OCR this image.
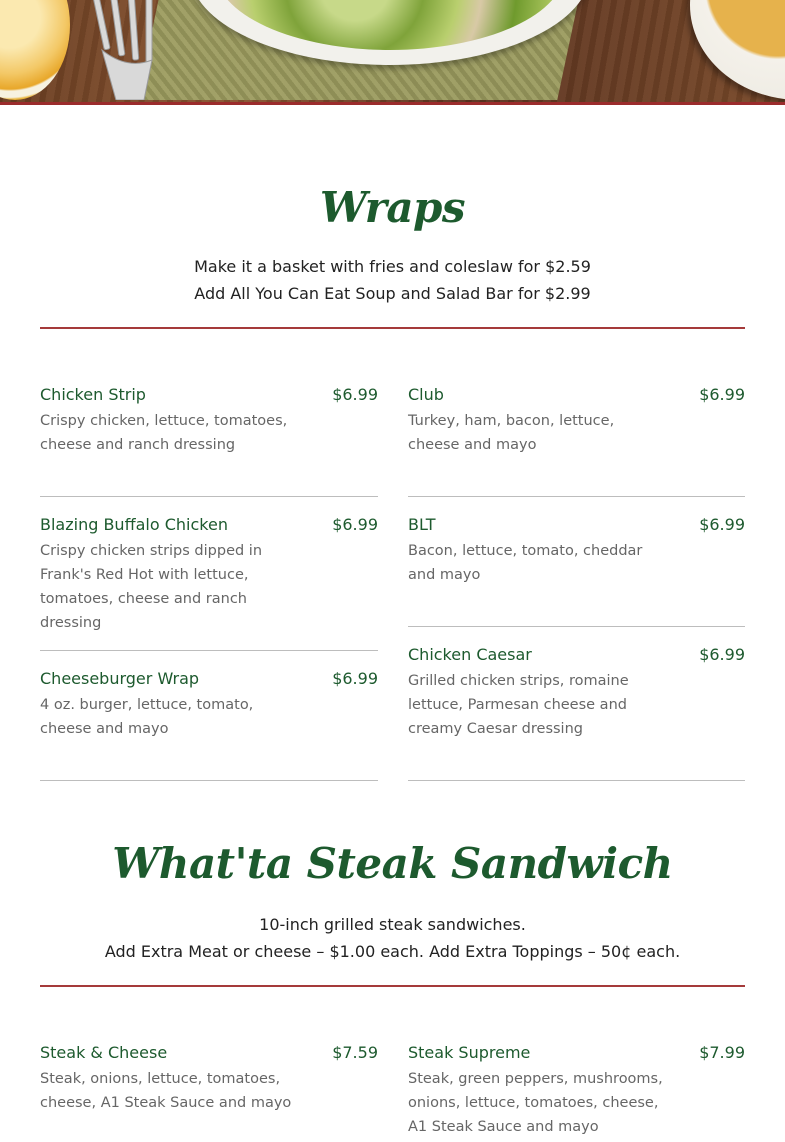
Wraps
Make it a basket with fries and coleslaw for $2.59
Add All You Can Eat Soup and Salad Bar for $2.99
Chicken Strip	$6.99
Crispy chicken, lettuce, tomatoes, cheese and ranch dressing
Blazing Buffalo Chicken	$6.99
Crispy chicken strips dipped in Frank's Red Hot with lettuce, tomatoes, cheese and ranch dressing
Cheeseburger Wrap	$6.99
4 oz. burger, lettuce, tomato, cheese and mayo
Club	$6.99
Turkey, ham, bacon, lettuce, cheese and mayo
BLT	$6.99
Bacon, lettuce, tomato, cheddar and mayo
Chicken Caesar	$6.99
Grilled chicken strips, romaine lettuce, Parmesan cheese and creamy Caesar dressing
What'ta Steak Sandwich
10-inch grilled steak sandwiches.
Add Extra Meat or cheese – $1.00 each. Add Extra Toppings – 50¢ each.
Steak & Cheese	$7.59
Steak, onions, lettuce, tomatoes, cheese, A1 Steak Sauce and mayo
Steak Supreme	$7.99
Steak, green peppers, mushrooms, onions, lettuce, tomatoes, cheese, A1 Steak Sauce and mayo
